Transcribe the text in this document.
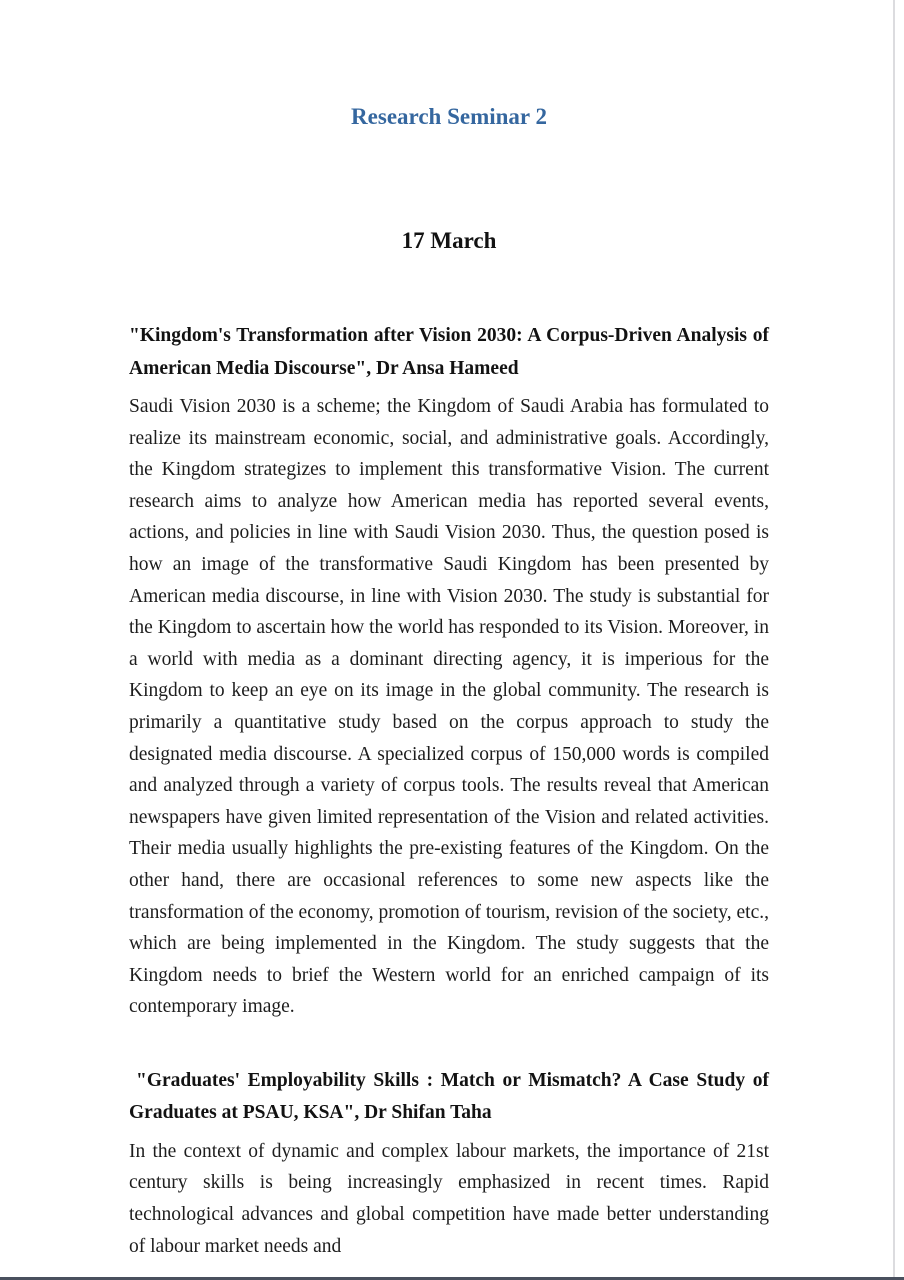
Research Seminar 2
17 March
"Kingdom's Transformation after Vision 2030: A Corpus-Driven Analysis of American Media Discourse", Dr Ansa Hameed

Saudi Vision 2030 is a scheme; the Kingdom of Saudi Arabia has formulated to realize its mainstream economic, social, and administrative goals. Accordingly, the Kingdom strategizes to implement this transformative Vision. The current research aims to analyze how American media has reported several events, actions, and policies in line with Saudi Vision 2030. Thus, the question posed is how an image of the transformative Saudi Kingdom has been presented by American media discourse, in line with Vision 2030. The study is substantial for the Kingdom to ascertain how the world has responded to its Vision. Moreover, in a world with media as a dominant directing agency, it is imperious for the Kingdom to keep an eye on its image in the global community. The research is primarily a quantitative study based on the corpus approach to study the designated media discourse. A specialized corpus of 150,000 words is compiled and analyzed through a variety of corpus tools. The results reveal that American newspapers have given limited representation of the Vision and related activities. Their media usually highlights the pre-existing features of the Kingdom. On the other hand, there are occasional references to some new aspects like the transformation of the economy, promotion of tourism, revision of the society, etc., which are being implemented in the Kingdom. The study suggests that the Kingdom needs to brief the Western world for an enriched campaign of its contemporary image.

"Graduates' Employability Skills : Match or Mismatch? A Case Study of Graduates at PSAU, KSA", Dr Shifan Taha

In the context of dynamic and complex labour markets, the importance of 21st century skills is being increasingly emphasized in recent times. Rapid technological advances and global competition have made better understanding of labour market needs and
